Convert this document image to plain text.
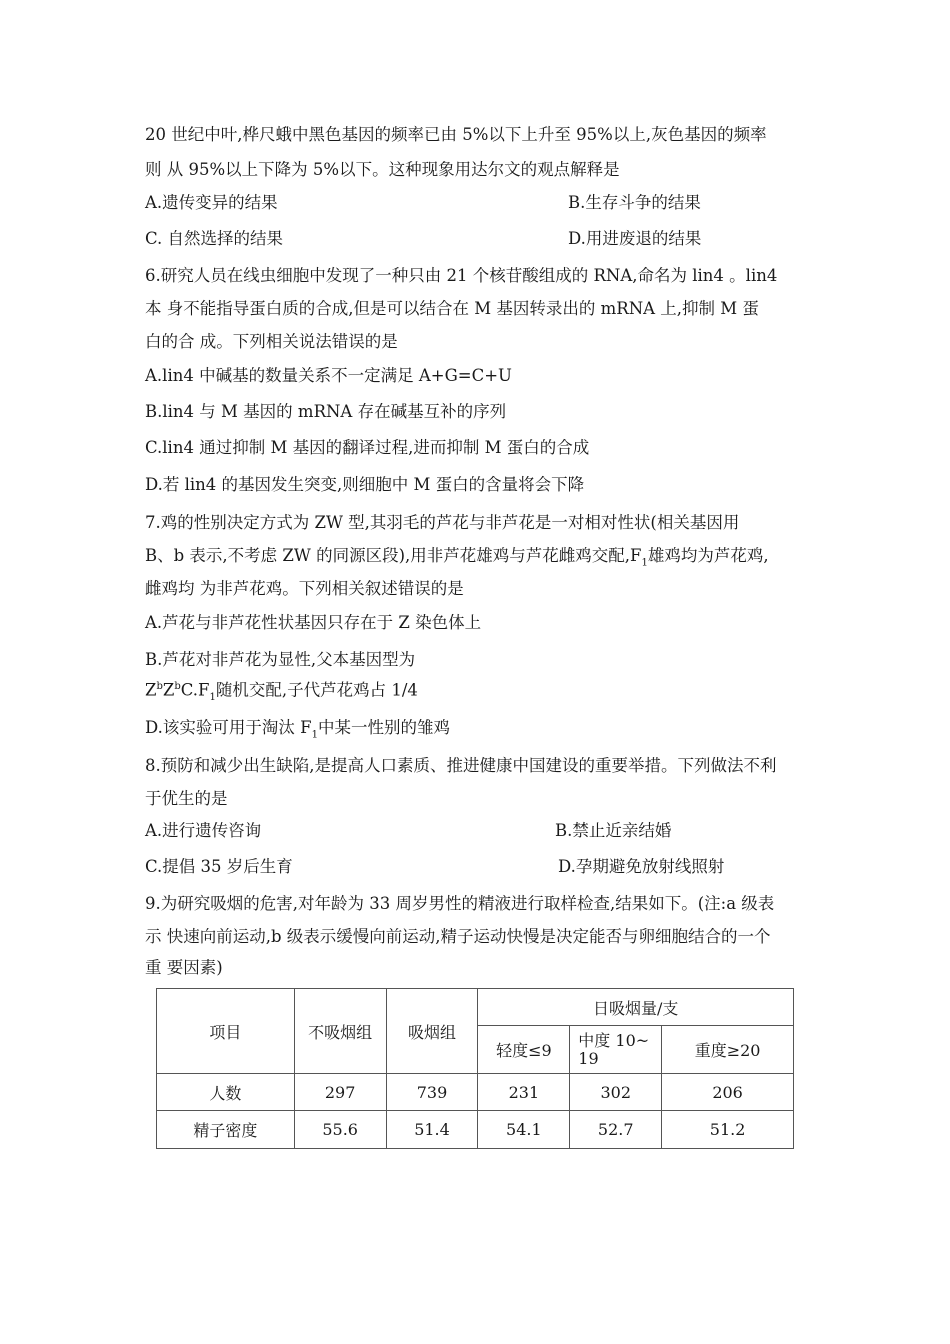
20 世纪中叶,桦尺蛾中黑色基因的频率已由 5%以下上升至 95%以上,灰色基因的频率
则 从 95%以上下降为 5%以下。这种现象用达尔文的观点解释是
A.遗传变异的结果	B.生存斗争的结果
C. 自然选择的结果	D.用进废退的结果
6.研究人员在线虫细胞中发现了一种只由 21 个核苷酸组成的 RNA,命名为 lin4 。lin4
本 身不能指导蛋白质的合成,但是可以结合在 M 基因转录出的 mRNA 上,抑制 M 蛋
白的合 成。下列相关说法错误的是
A.lin4 中碱基的数量关系不一定满足 A+G=C+U
B.lin4 与 M 基因的 mRNA 存在碱基互补的序列
C.lin4 通过抑制 M 基因的翻译过程,进而抑制 M 蛋白的合成
D.若 lin4 的基因发生突变,则细胞中 M 蛋白的含量将会下降
7.鸡的性别决定方式为 ZW 型,其羽毛的芦花与非芦花是一对相对性状(相关基因用
B、b 表示,不考虑 ZW 的同源区段),用非芦花雄鸡与芦花雌鸡交配$,F_1$雄鸡均为芦花鸡,
雌鸡均 为非芦花鸡。下列相关叙述错误的是
A.芦花与非芦花性状基因只存在于 Z 染色体上
B.芦花对非芦花为显性,父本基因型为
$Z^bZ^bC.F_1$随机交配,子代芦花鸡占 1/4
D.该实验可用于淘汰 $F_1$中某一性别的雏鸡
8.预防和减少出生缺陷,是提高人口素质、推进健康中国建设的重要举措。下列做法不利
于优生的是
A.进行遗传咨询	B.禁止近亲结婚
C.提倡 35 岁后生育	D.孕期避免放射线照射
9.为研究吸烟的危害,对年龄为 33 周岁男性的精液进行取样检查,结果如下。(注:a 级表
示 快速向前运动,b 级表示缓慢向前运动,精子运动快慢是决定能否与卵细胞结合的一个
重 要因素)
项目	不吸烟组	吸烟组	日吸烟量/支		
			轻度≤9	中度 10~ 19	重度≥20
人数	297	739	231	302	206
精子密度	55.6	51.4	54.1	52.7	51.2
